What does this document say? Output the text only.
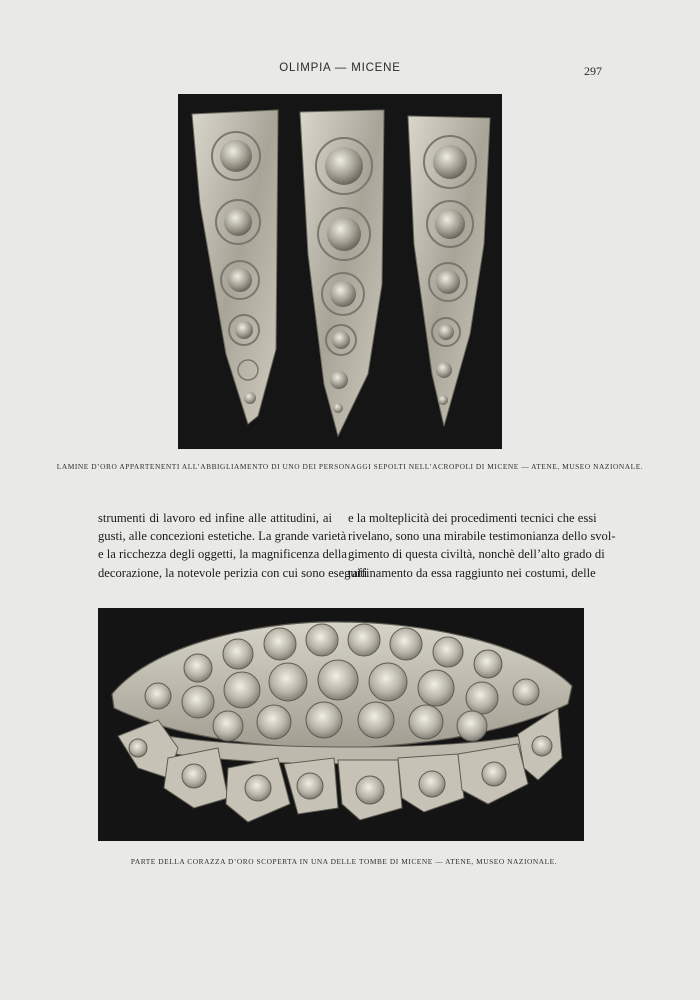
OLIMPIA — MICENE	297
LAMINE D’ORO APPARTENENTI ALL’ABBIGLIAMENTO DI UNO DEI PERSONAGGI SEPOLTI NELL’ACROPOLI DI MICENE — ATENE, MUSEO NAZIONALE.
strumenti di lavoro ed infine alle attitudini, ai
gusti, alle concezioni estetiche. La grande varietà
e la ricchezza degli oggetti, la magnificenza della
decorazione, la notevole perizia con cui sono eseguiti
e la molteplicità dei procedimenti tecnici che essi
rivelano, sono una mirabile testimonianza dello svol-
gimento di questa civiltà, nonchè dell’alto grado di
raffinamento da essa raggiunto nei costumi, delle
PARTE DELLA CORAZZA D’ORO SCOPERTA IN UNA DELLE TOMBE DI MICENE — ATENE, MUSEO NAZIONALE.
